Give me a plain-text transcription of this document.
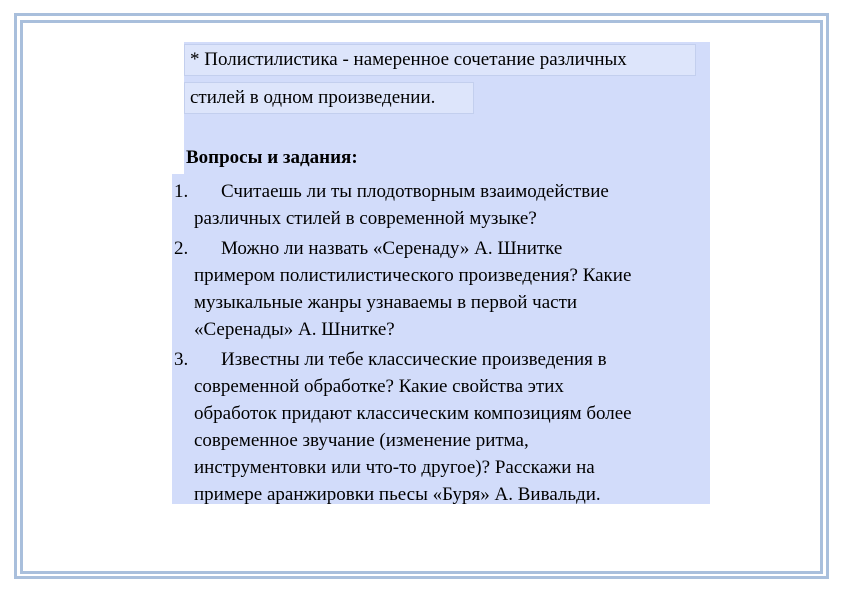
* Полистилистика - намеренное сочетание различных
стилей в одном произведении.
Вопросы и задания:
1. Считаешь ли ты плодотворным взаимодействие
различных стилей в современной музыке?
2. Можно ли назвать «Серенаду» А. Шнитке
примером полистилистического произведения? Какие
музыкальные жанры узнаваемы в первой части
«Серенады» А. Шнитке?
3. Известны ли тебе классические произведения в
современной обработке? Какие свойства этих
обработок придают классическим композициям более
современное звучание (изменение ритма,
инструментовки или что-то другое)? Расскажи на
примере аранжировки пьесы «Буря» А. Вивальди.
